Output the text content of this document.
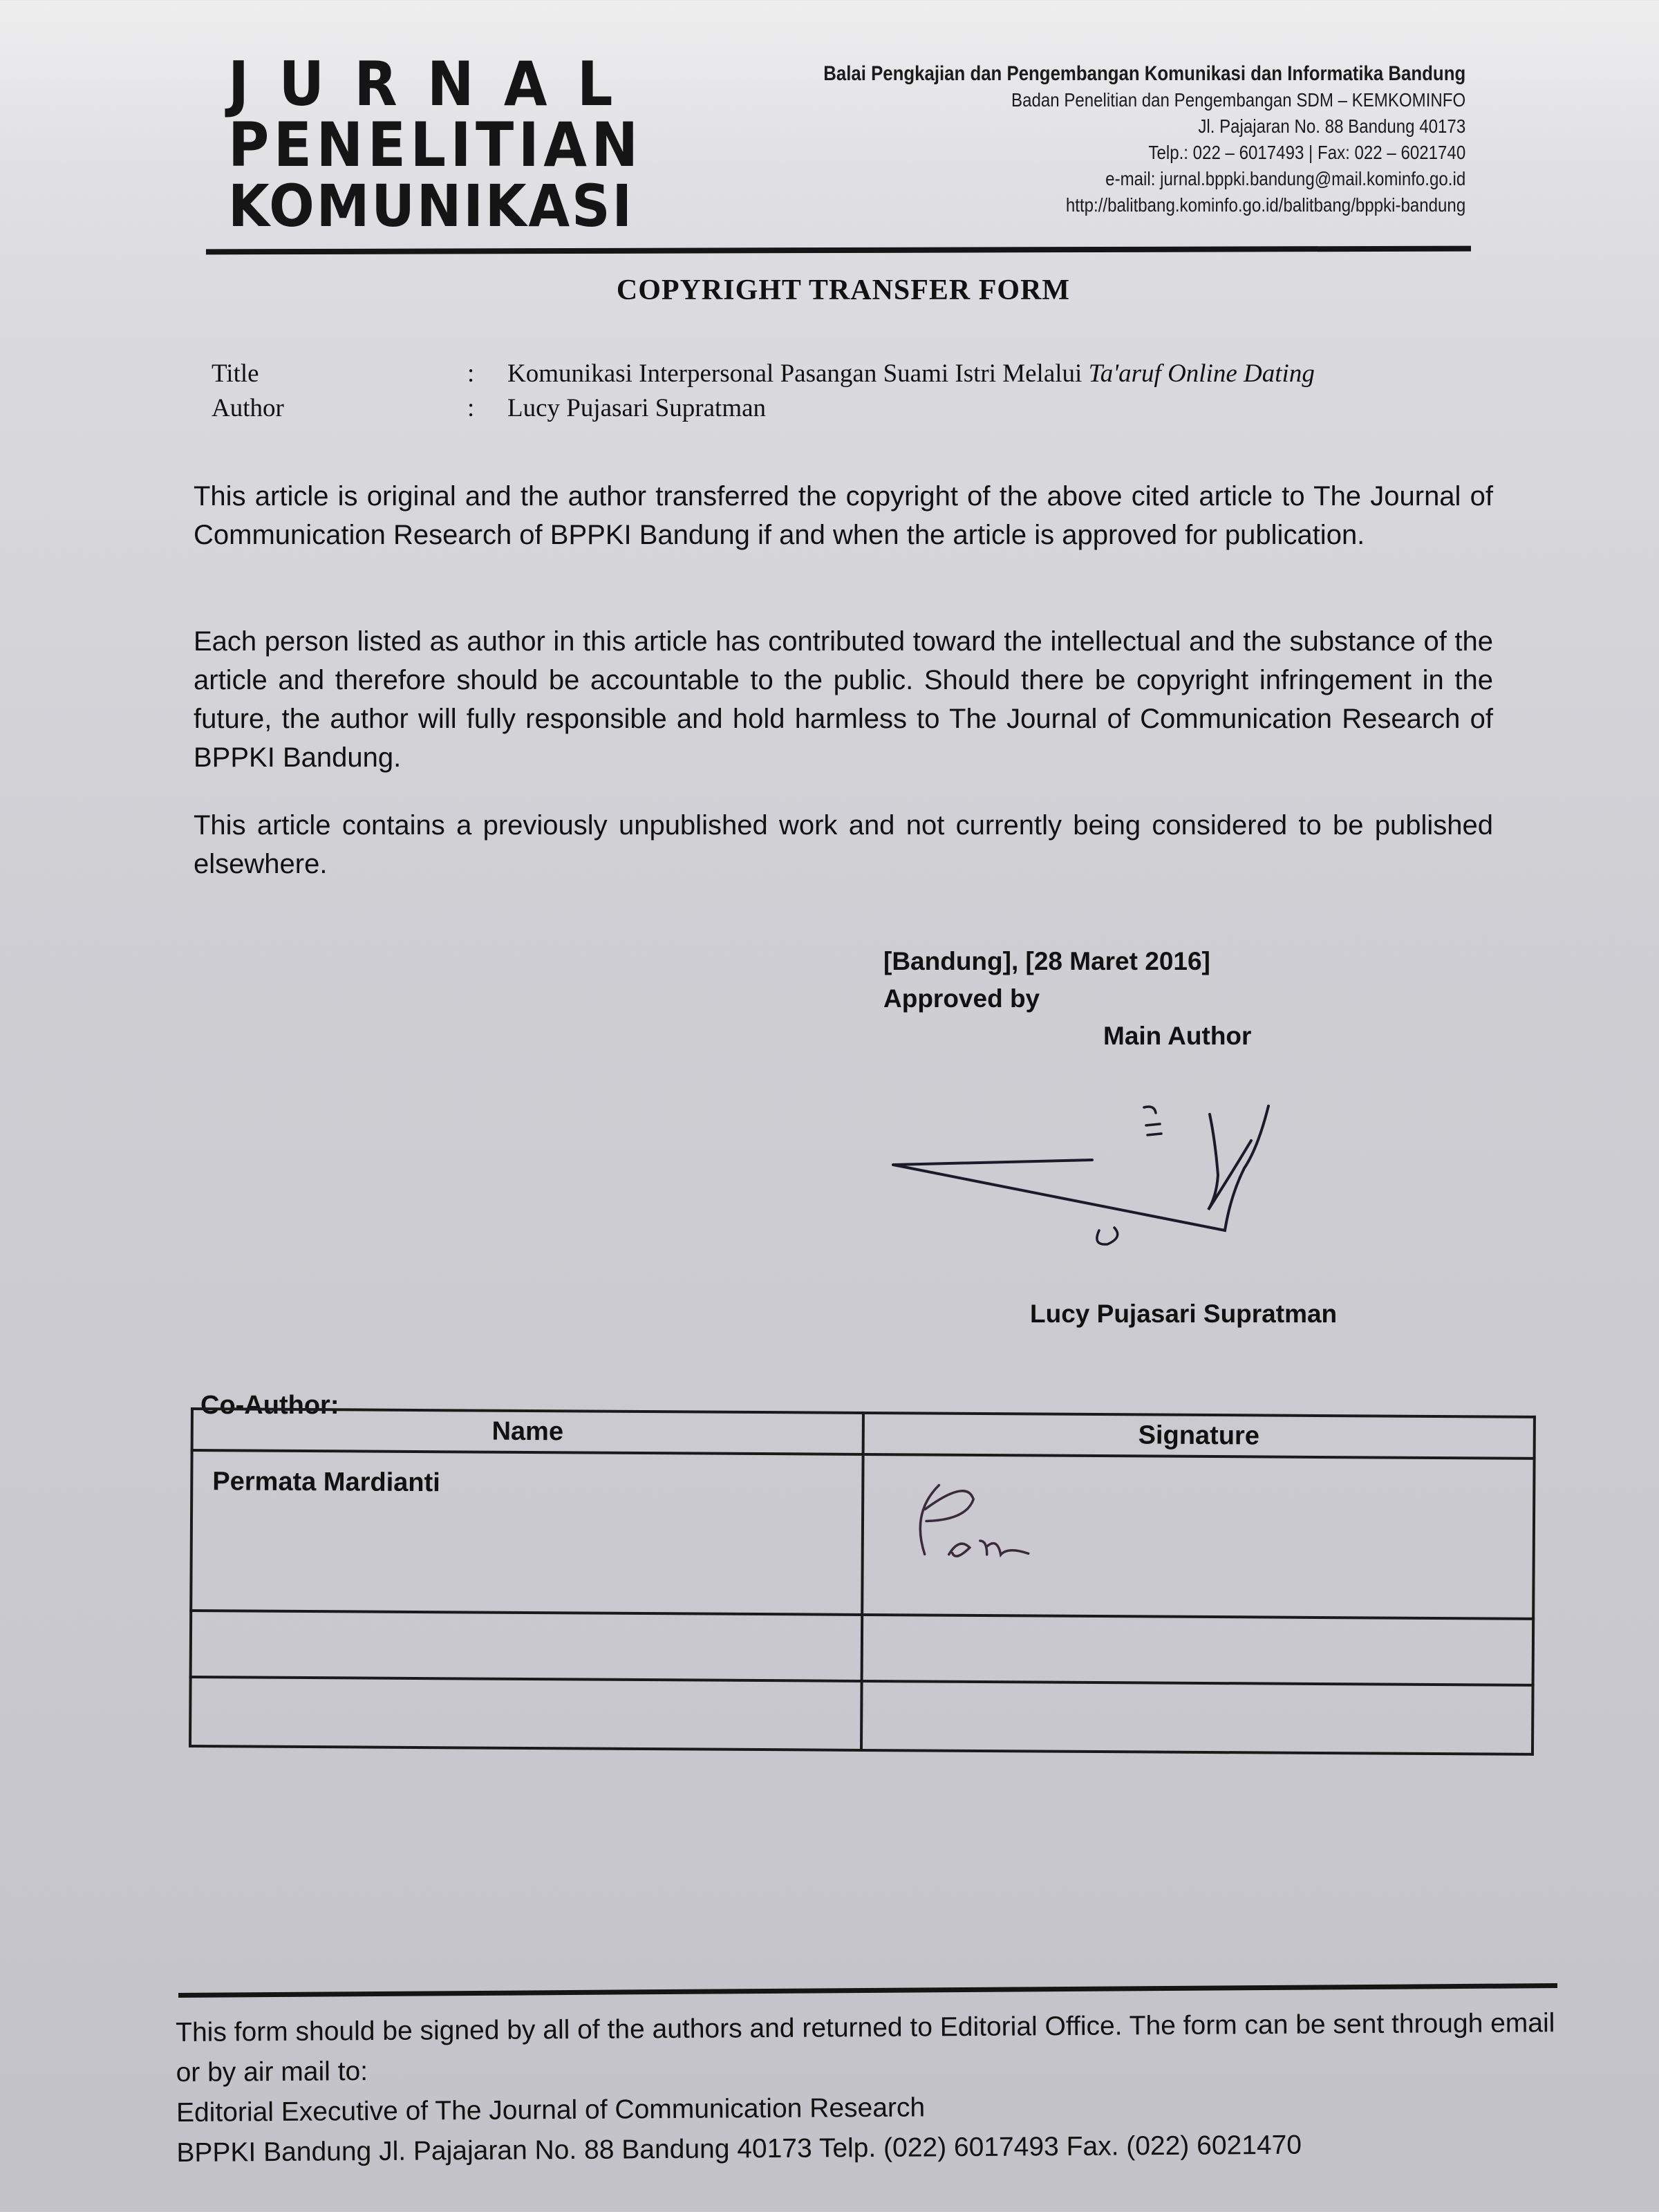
JURNAL
PENELITIAN
KOMUNIKASI
Balai Pengkajian dan Pengembangan Komunikasi dan Informatika Bandung
Badan Penelitian dan Pengembangan SDM – KEMKOMINFO
Jl. Pajajaran No. 88 Bandung 40173
Telp.: 022 – 6017493 | Fax: 022 – 6021740
e-mail: jurnal.bppki.bandung@mail.kominfo.go.id
http://balitbang.kominfo.go.id/balitbang/bppki-bandung
COPYRIGHT TRANSFER FORM
Title	:	Komunikasi Interpersonal Pasangan Suami Istri Melalui Ta'aruf Online Dating
Author	:	Lucy Pujasari Supratman
This article is original and the author transferred the copyright of the above cited article to The Journal of Communication Research of BPPKI Bandung if and when the article is approved for publication.
Each person listed as author in this article has contributed toward the intellectual and the substance of the article and therefore should be accountable to the public. Should there be copyright infringement in the future, the author will fully responsible and hold harmless to The Journal of Communication Research of BPPKI Bandung.
This article contains a previously unpublished work and not currently being considered to be published elsewhere.
[Bandung], [28 Maret 2016]
Approved by
Main Author
Lucy Pujasari Supratman
Co-Author:
Name	Signature
Permata Mardianti	

This form should be signed by all of the authors and returned to Editorial Office. The form can be sent through email or by air mail to:
Editorial Executive of The Journal of Communication Research
BPPKI Bandung Jl. Pajajaran No. 88 Bandung 40173 Telp. (022) 6017493 Fax. (022) 6021470
